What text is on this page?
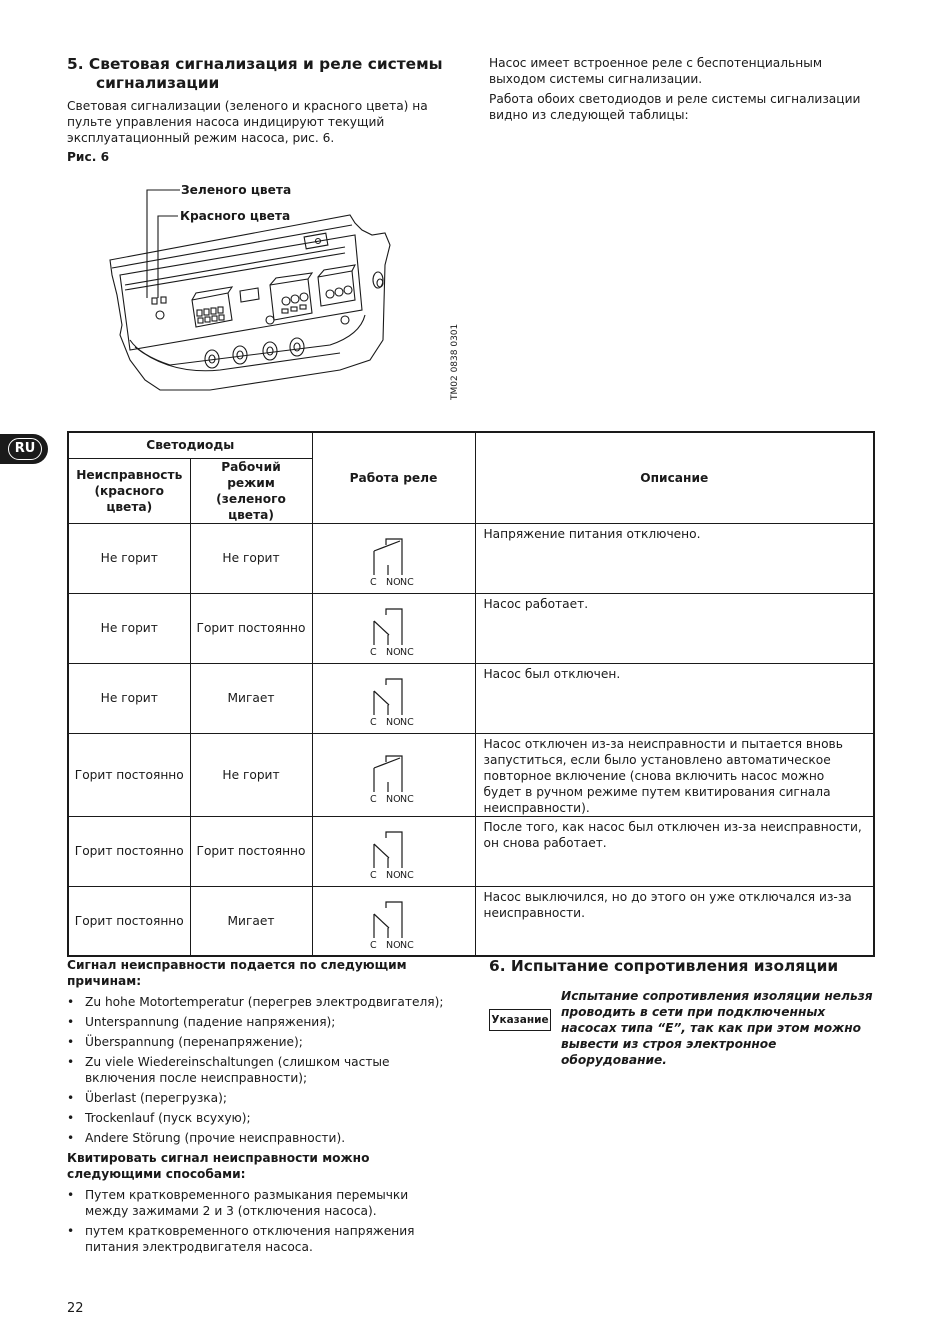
5. Световая сигнализация и реле системы
сигнализации

Световая сигнализации (зеленого и красного цвета) на пульте управления насоса индицируют текущий эксплуатационный режим насоса, рис. 6.

Рис. 6

Насос имеет встроенное реле с беспотенциальным выходом системы сигнализации.

Работа обоих светодиодов и реле системы сигнализации видно из следующей таблицы:

Зеленого цвета
Красного цвета
TM02 0838 0301
RU	Светодиоды		Работа реле	Описание
Неисправность (красного цвета)	Рабочий режим (зеленого цвета)		
Не горит	Не горит	C NONC	Напряжение питания отключено.
Не горит	Горит постоянно	C NONC	Насос работает.
Не горит	Мигает	C NONC	Насос был отключен.
Горит постоянно	Не горит	C NONC	Насос отключен из-за неисправности и пытается вновь запуститься, если было установлено автоматическое повторное включение (снова включить насос можно будет в ручном режиме путем квитирования сигнала неисправности).
Горит постоянно	Горит постоянно	C NONC	После того, как насос был отключен из-за неисправности, он снова работает.
Горит постоянно	Мигает	C NONC	Насос выключился, но до этого он уже отключался из-за неисправности.

Сигнал неисправности подается по следующим причинам:

• Zu hohe Motortemperatur (перегрев электродвигателя);
• Unterspannung (падение напряжения);
• Überspannung (перенапряжение);
• Zu viele Wiedereinschaltungen (слишком частые включения после неисправности);
• Überlast (перегрузка);
• Trockenlauf (пуск всухую);
• Andere Störung (прочие неисправности).

Квитировать сигнал неисправности можно следующими способами:

• Путем кратковременного размыкания перемычки между зажимами 2 и 3 (отключения насоса).
• путем кратковременного отключения напряжения питания электродвигателя насоса.
6. Испытание сопротивления изоляции
Указание

Испытание сопротивления изоляции нельзя проводить в сети при подключенных насосах типа “E”, так как при этом можно вывести из строя электронное оборудование.

22
